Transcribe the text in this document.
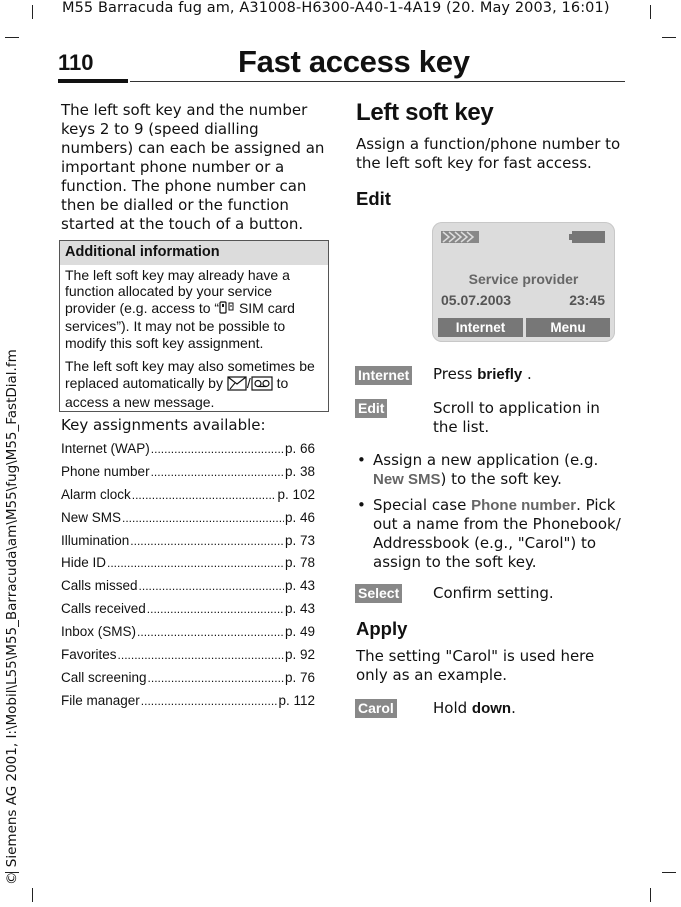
M55 Barracuda fug am, A31008-H6300-A40-1-4A19 (20. May 2003, 16:01)
110	Fast access key
© Siemens AG 2001, I:\Mobil\L55\M55_Barracuda\am\M55\fug\M55_FastDial.fm
The left soft key and the number keys 2 to 9 (speed dialling numbers) can each be assigned an important phone number or a function. The phone number can then be dialled or the function started at the touch of a button.
Additional information

The left soft key may already have a function allocated by your service provider (e.g. access to “ SIM card services”). It may not be possible to modify this soft key assignment.

The left soft key may also sometimes be replaced automatically by / to access a new message.

Key assignments available:
Internet (WAP) .....	p. 66
Phone number .....	p. 38
Alarm clock .....	p. 102
New SMS .....	p. 46
Illumination .....	p. 73
Hide ID .....	p. 78
Calls missed .....	p. 43
Calls received .....	p. 43
Inbox (SMS) .....	p. 49
Favorites .....	p. 92
Call screening .....	p. 76
File manager .....	p. 112
Left soft key
Assign a function/phone number to the left soft key for fast access.
Edit
Service provider
05.07.2003	23:45
Internet	Menu
Internet Press briefly .
Edit	Scroll to application in the list.
• Assign a new application (e.g. New SMS) to the soft key.
• Special case Phone number. Pick out a name from the Phonebook/ Addressbook (e.g., "Carol") to assign to the soft key.
Select Confirm setting.
Apply
The setting "Carol" is used here only as an example.
Carol	Hold down.
